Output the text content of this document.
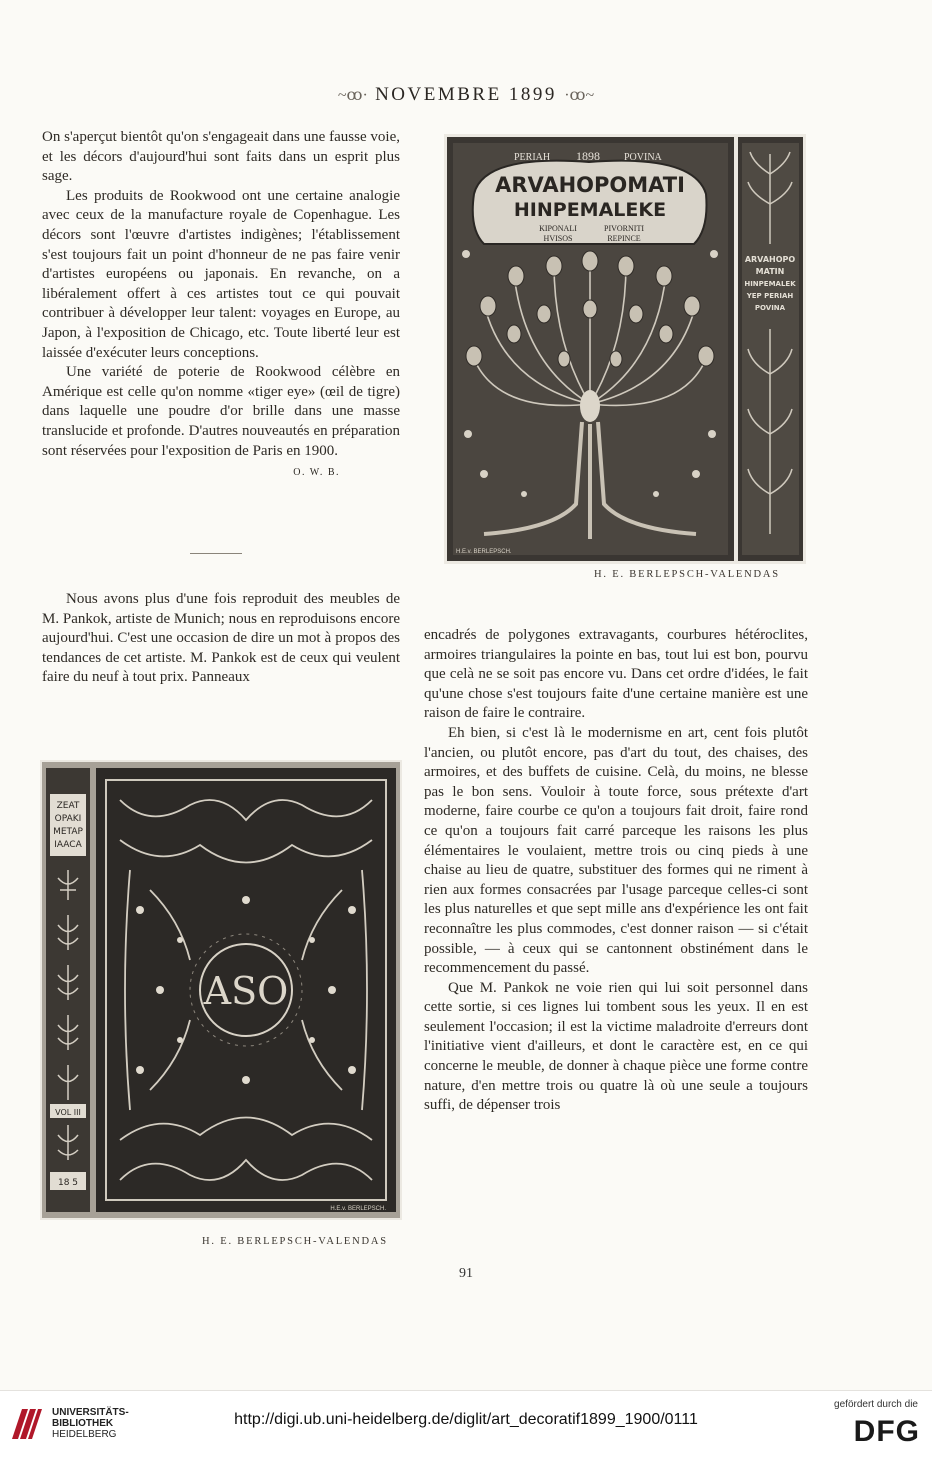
~ꝏ· NOVEMBRE 1899 ·ꝏ~

On s'aperçut bientôt qu'on s'engageait dans une fausse voie, et les décors d'aujourd'hui sont faits dans un esprit plus sage.

Les produits de Rookwood ont une certaine analogie avec ceux de la manufacture royale de Copenhague. Les décors sont l'œuvre d'artistes indigènes; l'établissement s'est toujours fait un point d'honneur de ne pas faire venir d'artistes européens ou japonais. En revanche, on a libéralement offert à ces artistes tout ce qui pouvait contribuer à développer leur talent: voyages en Europe, au Japon, à l'exposition de Chicago, etc. Toute liberté leur est laissée d'exécuter leurs conceptions.

Une variété de poterie de Rookwood célèbre en Amérique est celle qu'on nomme «tiger eye» (œil de tigre) dans laquelle une poudre d'or brille dans une masse translucide et profonde. D'autres nouveautés en préparation sont réservées pour l'exposition de Paris en 1900.

O. W. B.

Nous avons plus d'une fois reproduit des meubles de M. Pankok, artiste de Munich; nous en reproduisons encore aujourd'hui. C'est une occasion de dire un mot à propos des tendances de cet artiste. M. Pankok est de ceux qui veulent faire du neuf à tout prix. Panneaux

encadrés de polygones extravagants, courbures hétéroclites, armoires triangulaires la pointe en bas, tout lui est bon, pourvu que celà ne se soit pas encore vu. Dans cet ordre d'idées, le fait qu'une chose s'est toujours faite d'une certaine manière est une raison de faire le contraire.

Eh bien, si c'est là le modernisme en art, cent fois plutôt l'ancien, ou plutôt encore, pas d'art du tout, des chaises, des armoires, et des buffets de cuisine. Celà, du moins, ne blesse pas le bon sens. Vouloir à toute force, sous prétexte d'art moderne, faire courbe ce qu'on a toujours fait droit, faire rond ce qu'on a toujours fait carré parceque les raisons les plus élémentaires le voulaient, mettre trois ou cinq pieds à une chaise au lieu de quatre, substituer des formes qui ne riment à rien aux formes consacrées par l'usage parceque celles-ci sont les plus naturelles et que sept mille ans d'expérience les ont fait reconnaître les plus commodes, c'est donner raison — si c'était possible, — à ceux qui se cantonnent obstinément dans le recommencement du passé.

Que M. Pankok ne voie rien qui lui soit personnel dans cette sortie, si ces lignes lui tombent sous les yeux. Il en est seulement l'occasion; il est la victime maladroite d'erreurs dont l'initiative vient d'ailleurs, et dont le caractère est, en ce qui concerne le meuble, de donner à chaque pièce une forme contre nature, d'en mettre trois ou quatre là où une seule a toujours suffi, de dépenser trois

PERIAH 1898 POVINA
ARVAHOPOMATI
HINPEMALEKE
KIPONALI	PIVORNITI
HVISOS	REPINCE
ARVAHOPO
MATIN
HINPEMALEK
YEP PERIAH
POVINA
H.E.v. BERLEPSCH.
H. E. BERLEPSCH-VALENDAS
ZEAT
OPAKI
METAP
IAACA
VOL III
18 5
ASO
H.E.v. BERLEPSCH.
H. E. BERLEPSCH-VALENDAS
91
UNIVERSITÄTS-
BIBLIOTHEK
HEIDELBERG
http://digi.ub.uni-heidelberg.de/diglit/art_decoratif1899_1900/0111
gefördert durch die
DFG
